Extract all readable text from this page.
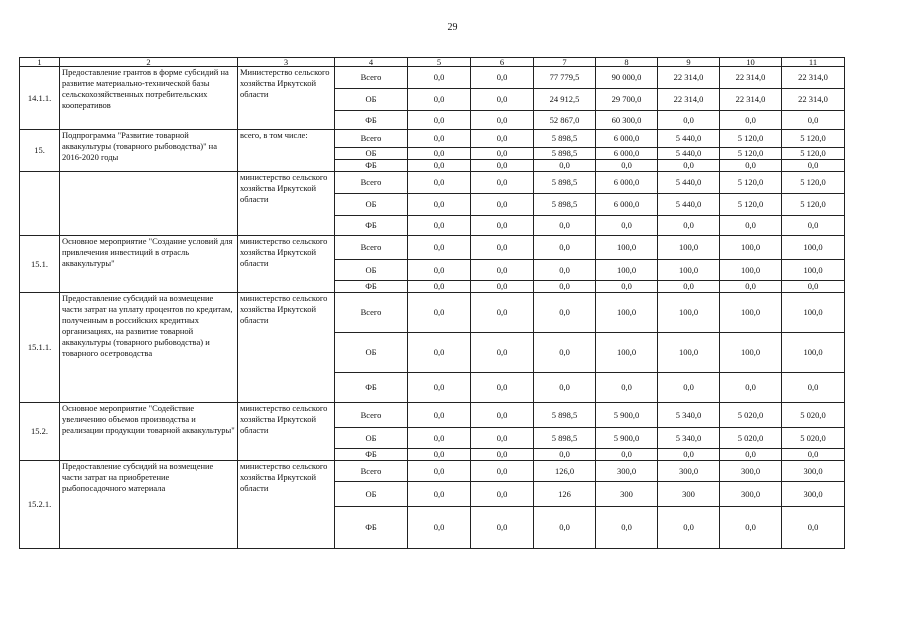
29
1	2	3	4	5	6	7	8	9	10	11
14.1.1.	Предоставление грантов в форме субсидий на развитие материально-технической базы сельскохозяйственных потребительских кооперативов	Министерство сельского хозяйства Иркутской области	Всего	0,0	0,0	77 779,5	90 000,0	22 314,0	22 314,0	22 314,0
			ОБ	0,0	0,0	24 912,5	29 700,0	22 314,0	22 314,0	22 314,0
			ФБ	0,0	0,0	52 867,0	60 300,0	0,0	0,0	0,0
15.	Подпрограмма "Развитие товарной аквакультуры (товарного рыбоводства)" на 2016-2020 годы	всего, в том числе:	Всего	0,0	0,0	5 898,5	6 000,0	5 440,0	5 120,0	5 120,0
			ОБ	0,0	0,0	5 898,5	6 000,0	5 440,0	5 120,0	5 120,0
			ФБ	0,0	0,0	0,0	0,0	0,0	0,0	0,0
		министерство сельского хозяйства Иркутской области	Всего	0,0	0,0	5 898,5	6 000,0	5 440,0	5 120,0	5 120,0
			ОБ	0,0	0,0	5 898,5	6 000,0	5 440,0	5 120,0	5 120,0
			ФБ	0,0	0,0	0,0	0,0	0,0	0,0	0,0
15.1.	Основное мероприятие "Создание условий для привлечения инвестиций в отрасль аквакультуры"	министерство сельского хозяйства Иркутской области	Всего	0,0	0,0	0,0	100,0	100,0	100,0	100,0
			ОБ	0,0	0,0	0,0	100,0	100,0	100,0	100,0
			ФБ	0,0	0,0	0,0	0,0	0,0	0,0	0,0
15.1.1.	Предоставление субсидий на возмещение части затрат на уплату процентов по кредитам, полученным в российских кредитных организациях, на развитие товарной аквакультуры (товарного рыбоводства) и товарного осетроводства	министерство сельского хозяйства Иркутской области	Всего	0,0	0,0	0,0	100,0	100,0	100,0	100,0
			ОБ	0,0	0,0	0,0	100,0	100,0	100,0	100,0
			ФБ	0,0	0,0	0,0	0,0	0,0	0,0	0,0
15.2.	Основное мероприятие "Содействие увеличению объемов производства и реализации продукции товарной аквакультуры"	министерство сельского хозяйства Иркутской области	Всего	0,0	0,0	5 898,5	5 900,0	5 340,0	5 020,0	5 020,0
			ОБ	0,0	0,0	5 898,5	5 900,0	5 340,0	5 020,0	5 020,0
			ФБ	0,0	0,0	0,0	0,0	0,0	0,0	0,0
15.2.1.	Предоставление субсидий на возмещение части затрат на приобретение рыбопосадочного материала	министерство сельского хозяйства Иркутской области	Всего	0,0	0,0	126,0	300,0	300,0	300,0	300,0
			ОБ	0,0	0,0	126	300	300	300,0	300,0
			ФБ	0,0	0,0	0,0	0,0	0,0	0,0	0,0
